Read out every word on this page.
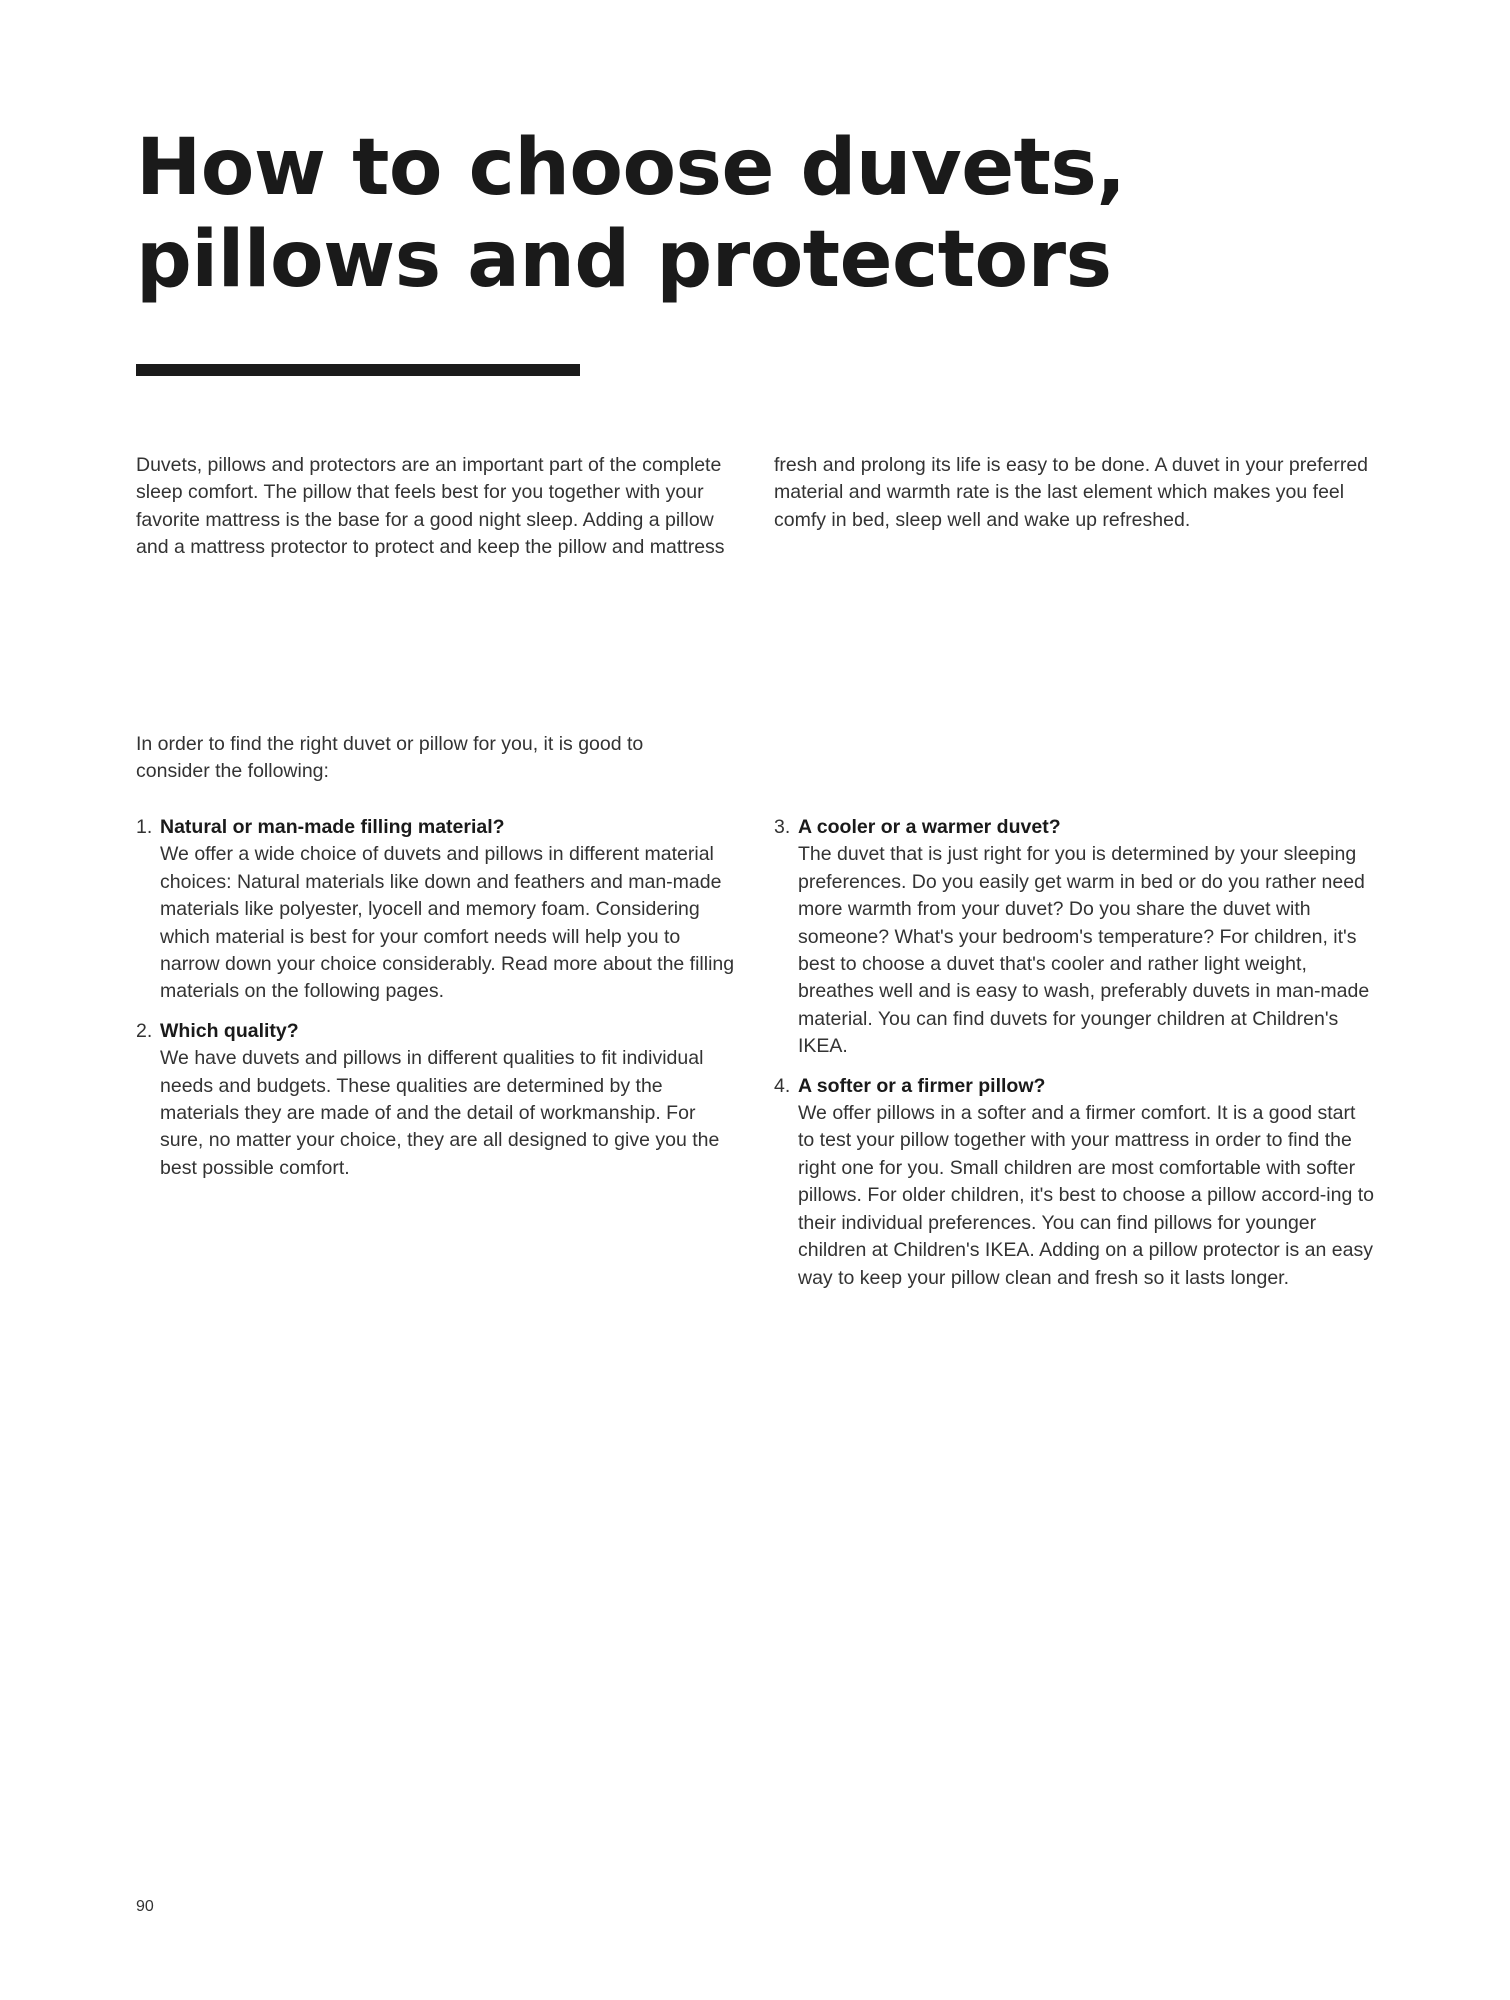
How to choose duvets, pillows and protectors

Duvets, pillows and protectors are an important part of the complete sleep comfort. The pillow that feels best for you together with your favorite mattress is the base for a good night sleep. Adding a pillow and a mattress protector to protect and keep the pillow and mattress

fresh and prolong its life is easy to be done. A duvet in your preferred material and warmth rate is the last element which makes you feel comfy in bed, sleep well and wake up refreshed.

In order to find the right duvet or pillow for you, it is good to consider the following:

1. Natural or man-made filling material?
We offer a wide choice of duvets and pillows in different material choices: Natural materials like down and feathers and man-made materials like polyester, lyocell and memory foam. Considering which material is best for your comfort needs will help you to narrow down your choice considerably. Read more about the filling materials on the following pages.
2. Which quality?
We have duvets and pillows in different qualities to fit individual needs and budgets. These qualities are determined by the materials they are made of and the detail of workmanship. For sure, no matter your choice, they are all designed to give you the best possible comfort.
3. A cooler or a warmer duvet?
The duvet that is just right for you is determined by your sleeping preferences. Do you easily get warm in bed or do you rather need more warmth from your duvet? Do you share the duvet with someone? What's your bedroom's temperature? For children, it's best to choose a duvet that's cooler and rather light weight, breathes well and is easy to wash, preferably duvets in man-made material. You can find duvets for younger children at Children's IKEA.
4. A softer or a firmer pillow?
We offer pillows in a softer and a firmer comfort. It is a good start to test your pillow together with your mattress in order to find the right one for you. Small children are most comfortable with softer pillows. For older children, it's best to choose a pillow accord-ing to their individual preferences. You can find pillows for younger children at Children's IKEA. Adding on a pillow protector is an easy way to keep your pillow clean and fresh so it lasts longer.
90
